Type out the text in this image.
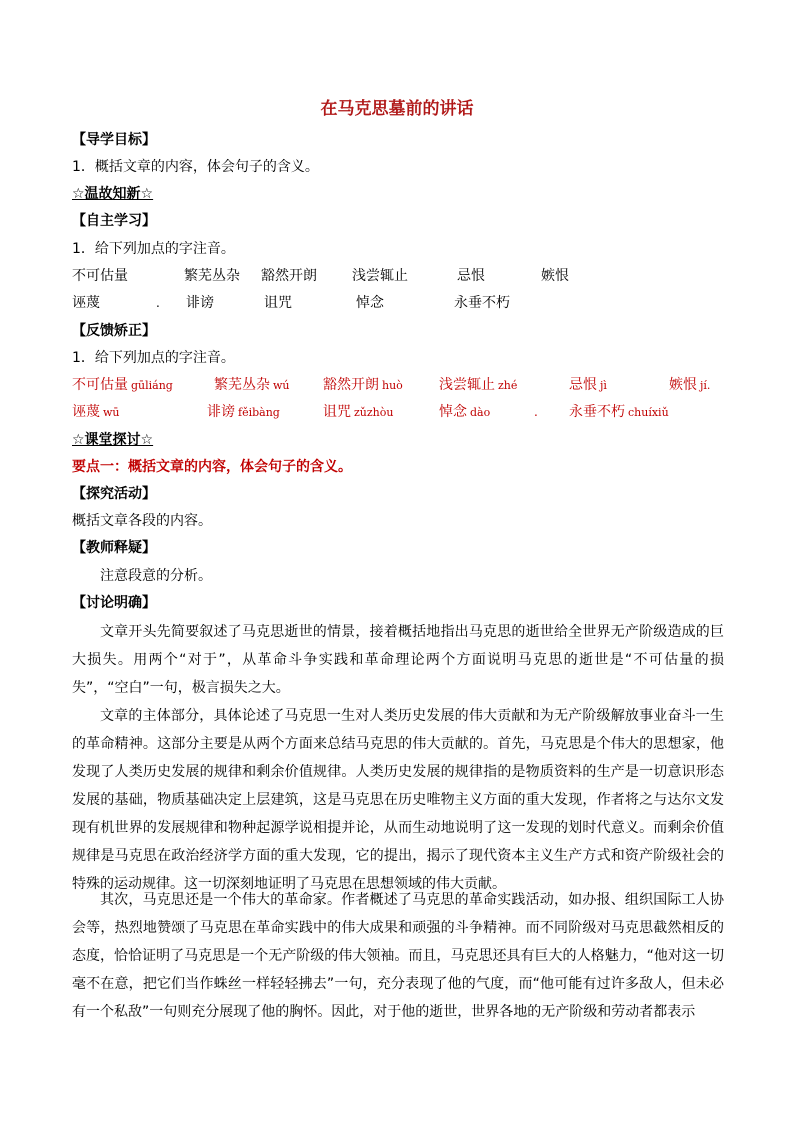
在马克思墓前的讲话
【导学目标】
1．概括文章的内容，体会句子的含义。
☆温故知新☆
【自主学习】
1．给下列加点的字注音。
不可估量	繁芜丛杂 豁然开朗	浅尝辄止	忌恨	嫉恨
诬蔑	. 诽谤	诅咒	悼念	永垂不朽
【反馈矫正】
1．给下列加点的字注音。
不可估量 gūliáng	繁芜丛杂 wú 豁然开朗 huò	浅尝辄止 zhé	忌恨 jì	嫉恨 jí.
诬蔑 wū	诽谤 fěibàng	诅咒 zǔzhòu	悼念 dào	. 永垂不朽 chuíxiǔ
☆课堂探讨☆
要点一：概括文章的内容，体会句子的含义。
【探究活动】
概括文章各段的内容。
【教师释疑】
注意段意的分析。
【讨论明确】

文章开头先简要叙述了马克思逝世的情景，接着概括地指出马克思的逝世给全世界无产阶级造成的巨大损失。用两个“对于”，从革命斗争实践和革命理论两个方面说明马克思的逝世是“不可估量的损失”，“空白”一句，极言损失之大。

文章的主体部分，具体论述了马克思一生对人类历史发展的伟大贡献和为无产阶级解放事业奋斗一生的革命精神。这部分主要是从两个方面来总结马克思的伟大贡献的。首先，马克思是个伟大的思想家，他发现了人类历史发展的规律和剩余价值规律。人类历史发展的规律指的是物质资料的生产是一切意识形态发展的基础，物质基础决定上层建筑，这是马克思在历史唯物主义方面的重大发现，作者将之与达尔文发现有机世界的发展规律和物种起源学说相提并论，从而生动地说明了这一发现的划时代意义。而剩余价值规律是马克思在政治经济学方面的重大发现，它的提出，揭示了现代资本主义生产方式和资产阶级社会的特殊的运动规律。这一切深刻地证明了马克思在思想领域的伟大贡献。

其次，马克思还是一个伟大的革命家。作者概述了马克思的革命实践活动，如办报、组织国际工人协会等，热烈地赞颂了马克思在革命实践中的伟大成果和顽强的斗争精神。而不同阶级对马克思截然相反的态度，恰恰证明了马克思是一个无产阶级的伟大领袖。而且，马克思还具有巨大的人格魅力，“他对这一切毫不在意，把它们当作蛛丝一样轻轻拂去”一句，充分表现了他的气度，而“他可能有过许多敌人，但未必有一个私敌”一句则充分展现了他的胸怀。因此，对于他的逝世，世界各地的无产阶级和劳动者都表示
